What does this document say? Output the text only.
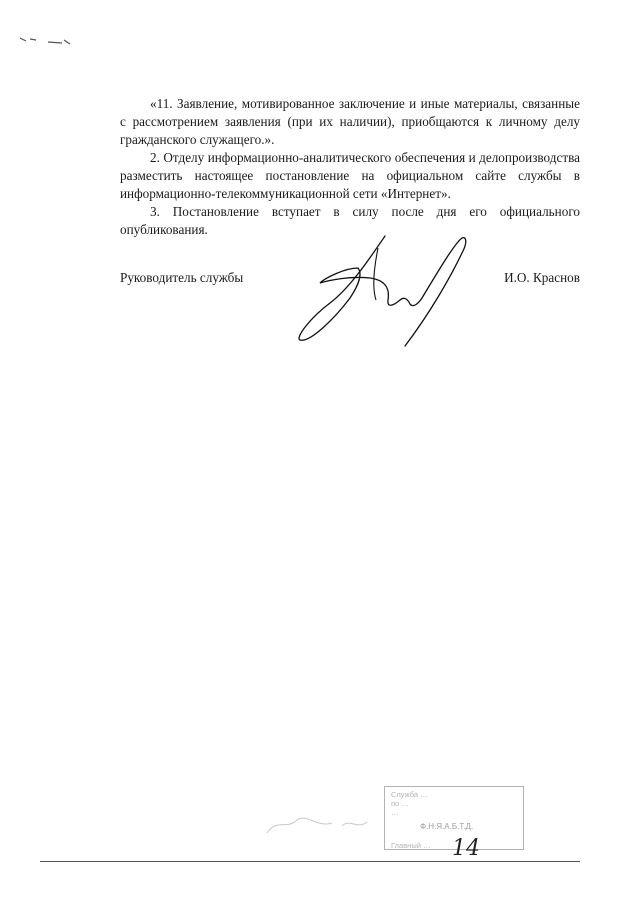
«11. Заявление, мотивированное заключение и иные материалы, связанные с рассмотрением заявления (при их наличии), приобщаются к личному делу гражданского служащего.».

2. Отделу информационно-аналитического обеспечения и делопроизводства разместить настоящее постановление на официальном сайте службы в информационно-телекоммуникационной сети «Интернет».

3. Постановление вступает в силу после дня его официального опубликования.

Руководитель службы	И.О. Краснов
Служба …
по …
…
Главный …
Ф.Н.Я.А.Б.Т.Д.
14
